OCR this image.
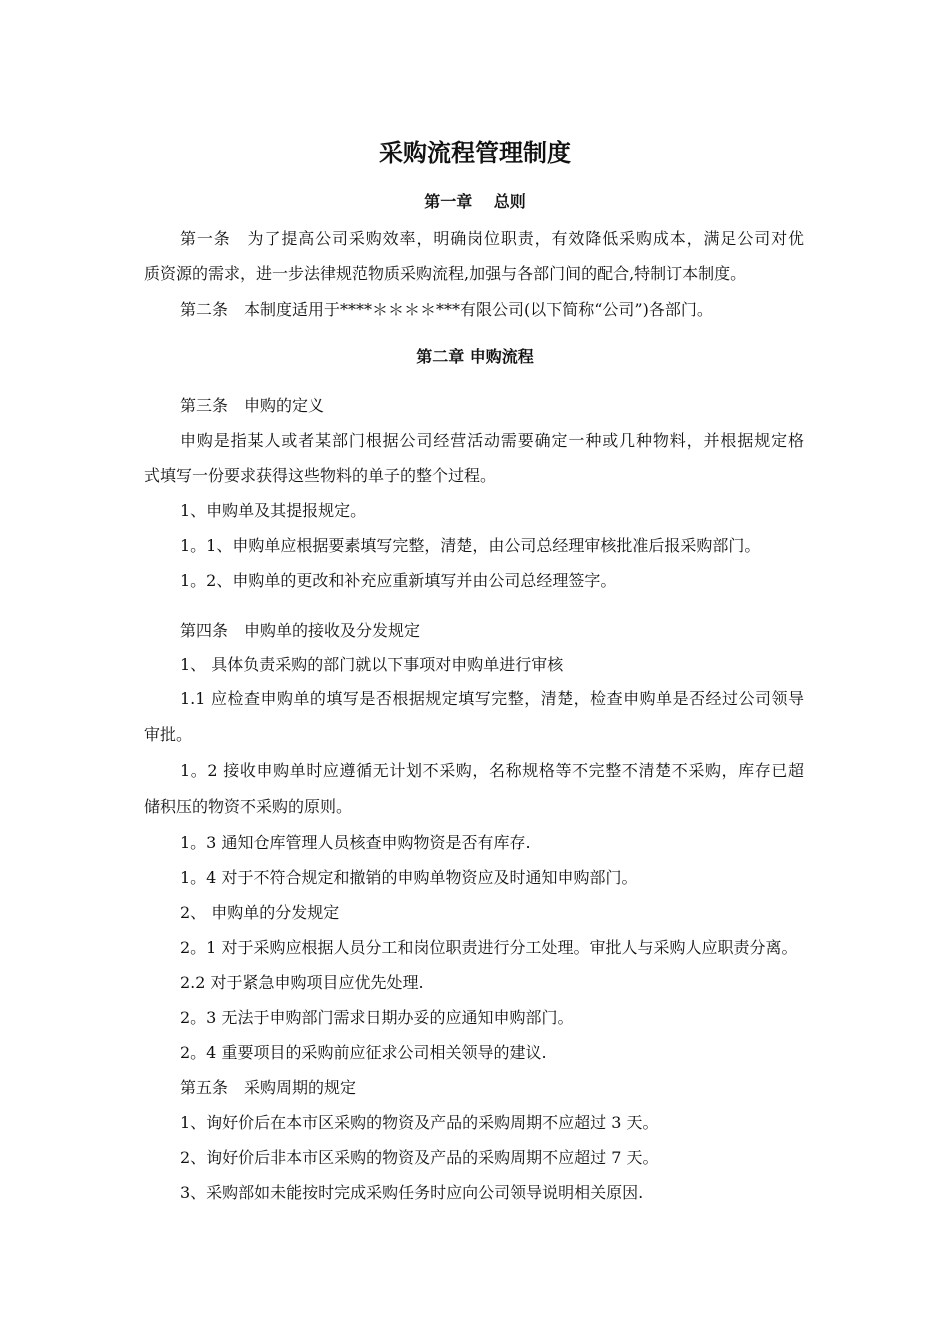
采购流程管理制度
第一章　 总则
第一条　为了提高公司采购效率，明确岗位职责，有效降低采购成本，满足公司对优
质资源的需求，进一步法律规范物质采购流程,加强与各部门间的配合,特制订本制度。
第二条　本制度适用于****＊＊＊＊***有限公司(以下简称“公司”)各部门。
第二章 申购流程
第三条　申购的定义
申购是指某人或者某部门根据公司经营活动需要确定一种或几种物料，并根据规定格
式填写一份要求获得这些物料的单子的整个过程。
1、申购单及其提报规定。
1。1、申购单应根据要素填写完整，清楚，由公司总经理审核批准后报采购部门。
1。2、申购单的更改和补充应重新填写并由公司总经理签字。
第四条　申购单的接收及分发规定
1、 具体负责采购的部门就以下事项对申购单进行审核
1.1 应检查申购单的填写是否根据规定填写完整，清楚，检查申购单是否经过公司领导
审批。
1。2 接收申购单时应遵循无计划不采购，名称规格等不完整不清楚不采购，库存已超
储积压的物资不采购的原则。
1。3 通知仓库管理人员核查申购物资是否有库存.
1。4 对于不符合规定和撤销的申购单物资应及时通知申购部门。
2、 申购单的分发规定
2。1 对于采购应根据人员分工和岗位职责进行分工处理。审批人与采购人应职责分离。
2.2 对于紧急申购项目应优先处理.
2。3 无法于申购部门需求日期办妥的应通知申购部门。
2。4 重要项目的采购前应征求公司相关领导的建议.
第五条　采购周期的规定
1、询好价后在本市区采购的物资及产品的采购周期不应超过 3 天。
2、询好价后非本市区采购的物资及产品的采购周期不应超过 7 天。
3、采购部如未能按时完成采购任务时应向公司领导说明相关原因.
